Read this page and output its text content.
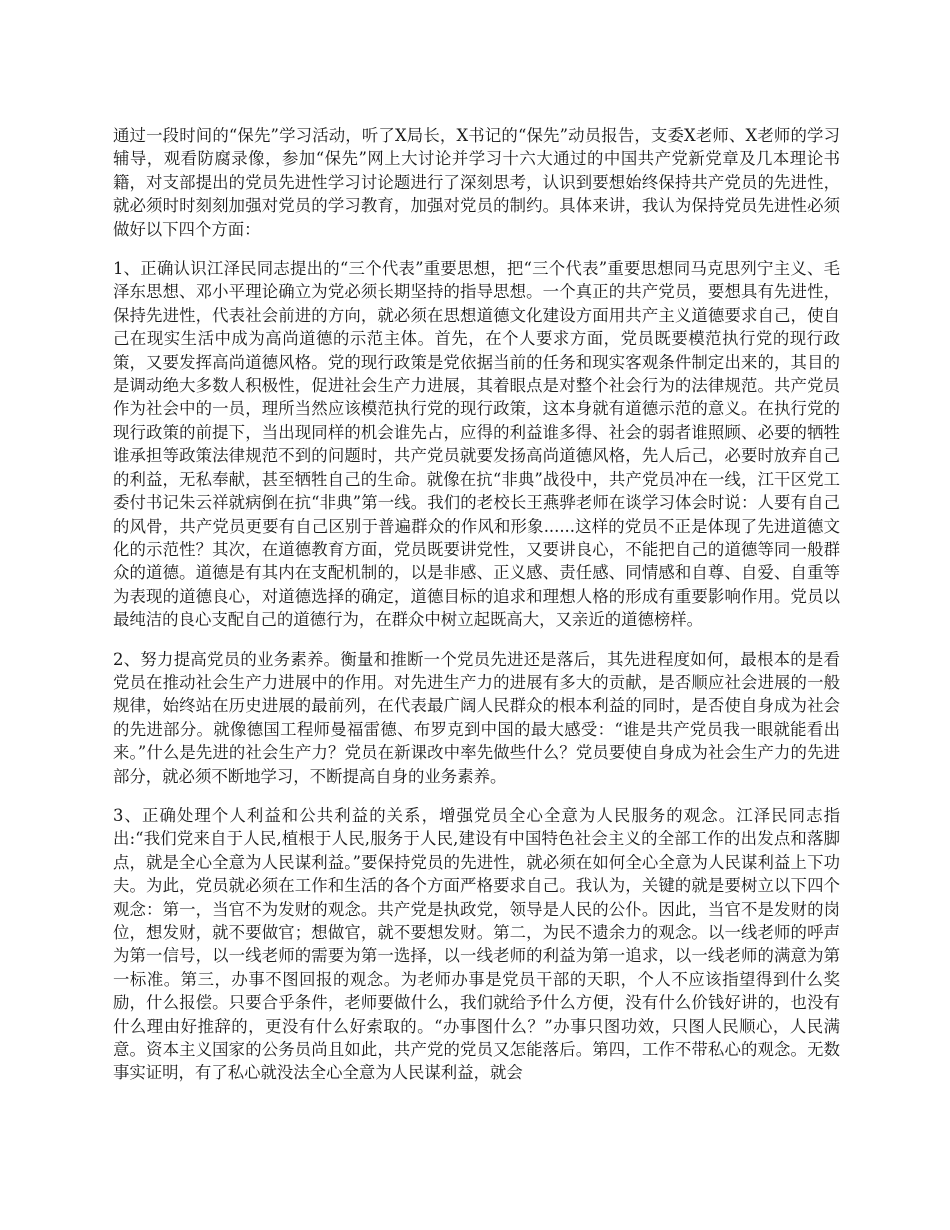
通过一段时间的“保先”学习活动，听了X局长，X书记的“保先”动员报告，支委X老师、X老师的学习辅导，观看防腐录像，参加“保先”网上大讨论并学习十六大通过的中国共产党新党章及几本理论书籍，对支部提出的党员先进性学习讨论题进行了深刻思考，认识到要想始终保持共产党员的先进性，就必须时时刻刻加强对党员的学习教育，加强对党员的制约。具体来讲，我认为保持党员先进性必须做好以下四个方面：

1、正确认识江泽民同志提出的“三个代表”重要思想，把“三个代表”重要思想同马克思列宁主义、毛泽东思想、邓小平理论确立为党必须长期坚持的指导思想。一个真正的共产党员，要想具有先进性，保持先进性，代表社会前进的方向，就必须在思想道德文化建设方面用共产主义道德要求自己，使自己在现实生活中成为高尚道德的示范主体。首先，在个人要求方面，党员既要模范执行党的现行政策，又要发挥高尚道德风格。党的现行政策是党依据当前的任务和现实客观条件制定出来的，其目的是调动绝大多数人积极性，促进社会生产力进展，其着眼点是对整个社会行为的法律规范。共产党员作为社会中的一员，理所当然应该模范执行党的现行政策，这本身就有道德示范的意义。在执行党的现行政策的前提下，当出现同样的机会谁先占，应得的利益谁多得、社会的弱者谁照顾、必要的牺牲谁承担等政策法律规范不到的问题时，共产党员就要发扬高尚道德风格，先人后己，必要时放弃自己的利益，无私奉献，甚至牺牲自己的生命。就像在抗“非典”战役中，共产党员冲在一线，江干区党工委付书记朱云祥就病倒在抗“非典”第一线。我们的老校长王燕骅老师在谈学习体会时说：人要有自己的风骨，共产党员更要有自己区别于普遍群众的作风和形象......这样的党员不正是体现了先进道德文化的示范性？其次，在道德教育方面，党员既要讲党性，又要讲良心，不能把自己的道德等同一般群众的道德。道德是有其内在支配机制的，以是非感、正义感、责任感、同情感和自尊、自爱、自重等为表现的道德良心，对道德选择的确定，道德目标的追求和理想人格的形成有重要影响作用。党员以最纯洁的良心支配自己的道德行为，在群众中树立起既高大，又亲近的道德榜样。

2、努力提高党员的业务素养。衡量和推断一个党员先进还是落后，其先进程度如何，最根本的是看党员在推动社会生产力进展中的作用。对先进生产力的进展有多大的贡献，是否顺应社会进展的一般规律，始终站在历史进展的最前列，在代表最广阔人民群众的根本利益的同时，是否使自身成为社会的先进部分。就像德国工程师曼福雷德、布罗克到中国的最大感受：“谁是共产党员我一眼就能看出来。”什么是先进的社会生产力？党员在新课改中率先做些什么？党员要使自身成为社会生产力的先进部分，就必须不断地学习，不断提高自身的业务素养。

3、正确处理个人利益和公共利益的关系，增强党员全心全意为人民服务的观念。江泽民同志指出:“我们党来自于人民,植根于人民,服务于人民,建设有中国特色社会主义的全部工作的出发点和落脚点，就是全心全意为人民谋利益。”要保持党员的先进性，就必须在如何全心全意为人民谋利益上下功夫。为此，党员就必须在工作和生活的各个方面严格要求自己。我认为，关键的就是要树立以下四个观念：第一，当官不为发财的观念。共产党是执政党，领导是人民的公仆。因此，当官不是发财的岗位，想发财，就不要做官；想做官，就不要想发财。第二，为民不遗余力的观念。以一线老师的呼声为第一信号，以一线老师的需要为第一选择，以一线老师的利益为第一追求，以一线老师的满意为第一标准。第三，办事不图回报的观念。为老师办事是党员干部的天职，个人不应该指望得到什么奖励，什么报偿。只要合乎条件，老师要做什么，我们就给予什么方便，没有什么价钱好讲的，也没有什么理由好推辞的，更没有什么好索取的。“办事图什么？”办事只图功效，只图人民顺心，人民满意。资本主义国家的公务员尚且如此，共产党的党员又怎能落后。第四，工作不带私心的观念。无数事实证明，有了私心就没法全心全意为人民谋利益，就会
